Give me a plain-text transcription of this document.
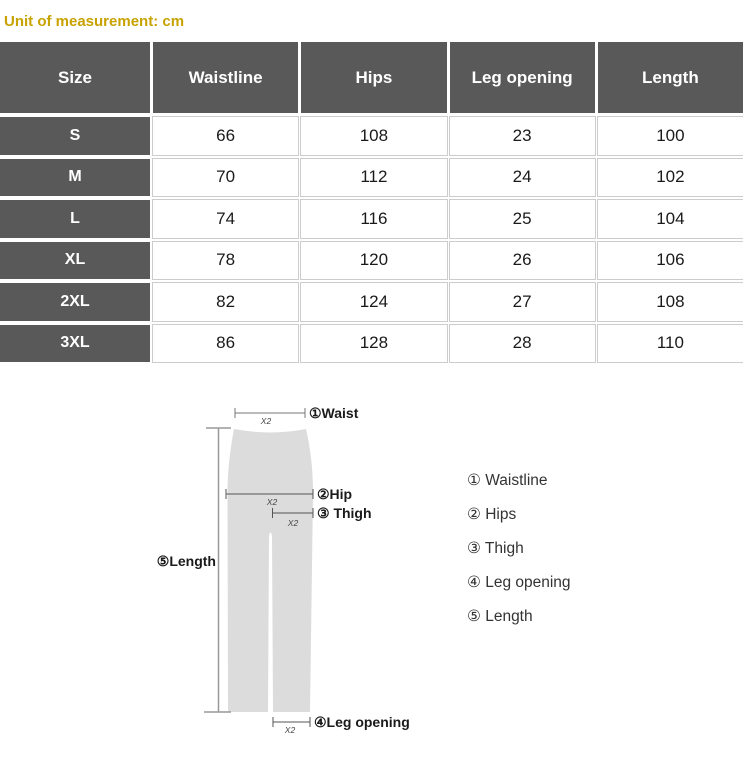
Unit of measurement: cm
Size	Waistline	Hips	Leg opening	Length
S	66	108	23	100
M	70	112	24	102
L	74	116	25	104
XL	78	120	26	106
2XL	82	124	27	108
3XL	86	128	28	110
X2	①Waist
⑤Length
X2	②Hip
X2
③ Thigh
X2 ④Leg opening
① Waistline
② Hips
③ Thigh
④ Leg opening
⑤ Length
